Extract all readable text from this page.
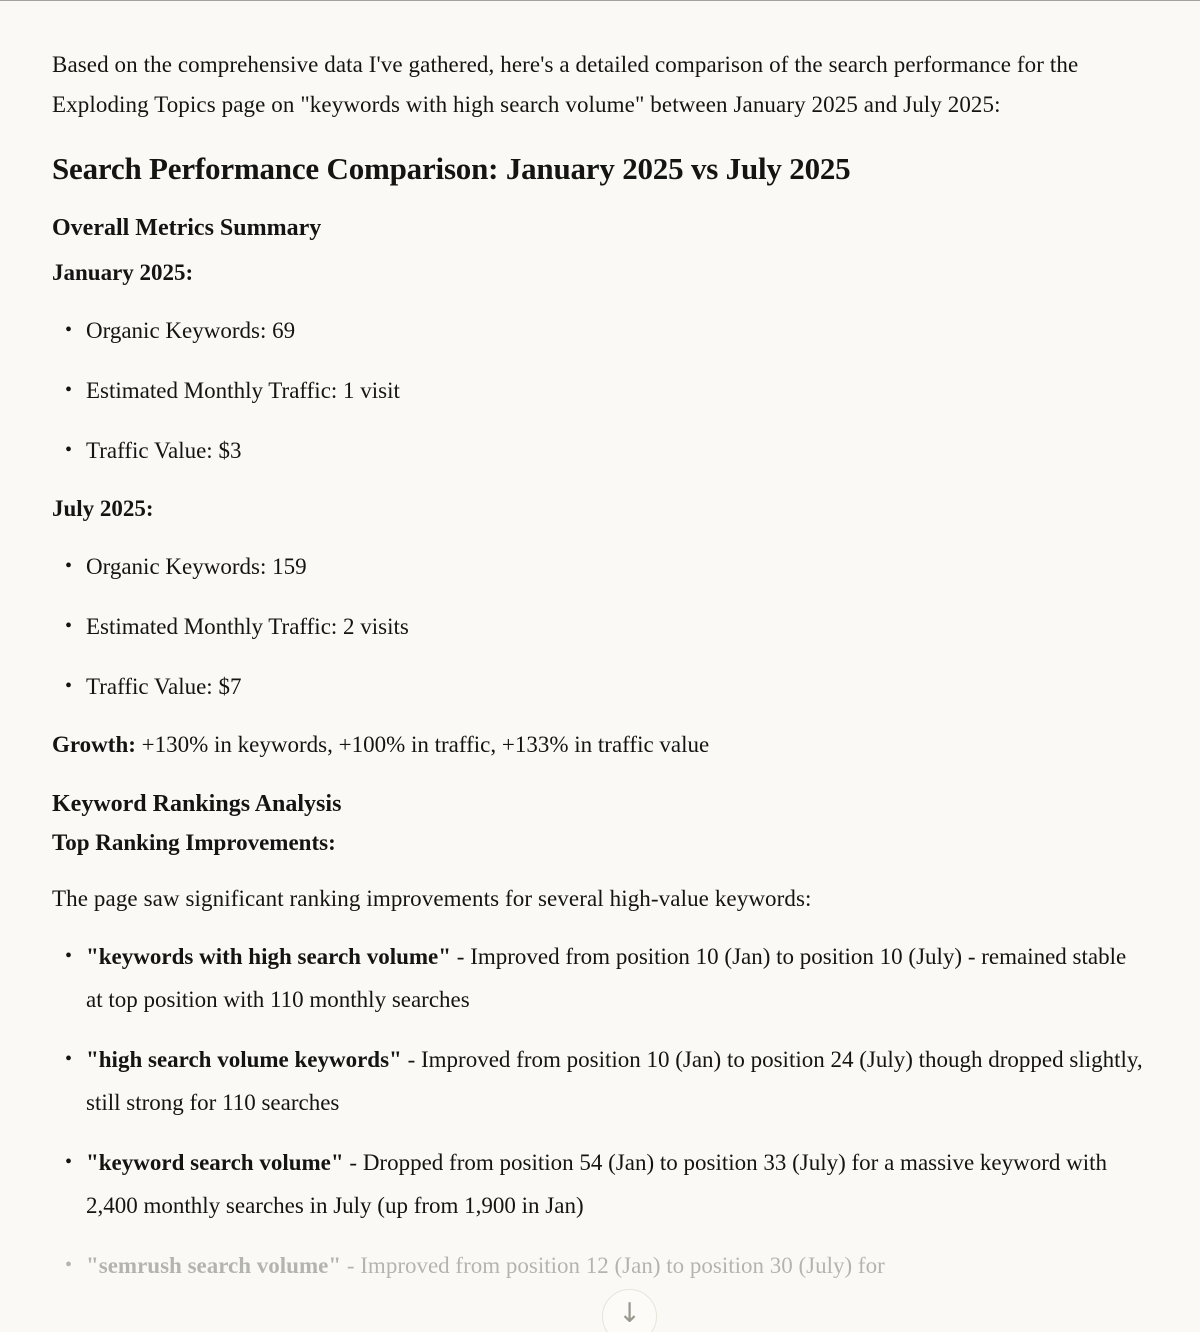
Based on the comprehensive data I've gathered, here's a detailed comparison of the search performance for the Exploding Topics page on "keywords with high search volume" between January 2025 and July 2025:

Search Performance Comparison: January 2025 vs July 2025
Overall Metrics Summary

January 2025:

• Organic Keywords: 69
• Estimated Monthly Traffic: 1 visit
• Traffic Value: $3

July 2025:

• Organic Keywords: 159
• Estimated Monthly Traffic: 2 visits
• Traffic Value: $7

Growth: +130% in keywords, +100% in traffic, +133% in traffic value

Keyword Rankings Analysis

Top Ranking Improvements:

The page saw significant ranking improvements for several high-value keywords:

• "keywords with high search volume" - Improved from position 10 (Jan) to position 10 (July) - remained stable at top position with 110 monthly searches
• "high search volume keywords" - Improved from position 10 (Jan) to position 24 (July) though dropped slightly, still strong for 110 searches
• "keyword search volume" - Dropped from position 54 (Jan) to position 33 (July) for a massive keyword with 2,400 monthly searches in July (up from 1,900 in Jan)
• "semrush search volume" - Improved from position 12 (Jan) to position 30 (July) for
↓
